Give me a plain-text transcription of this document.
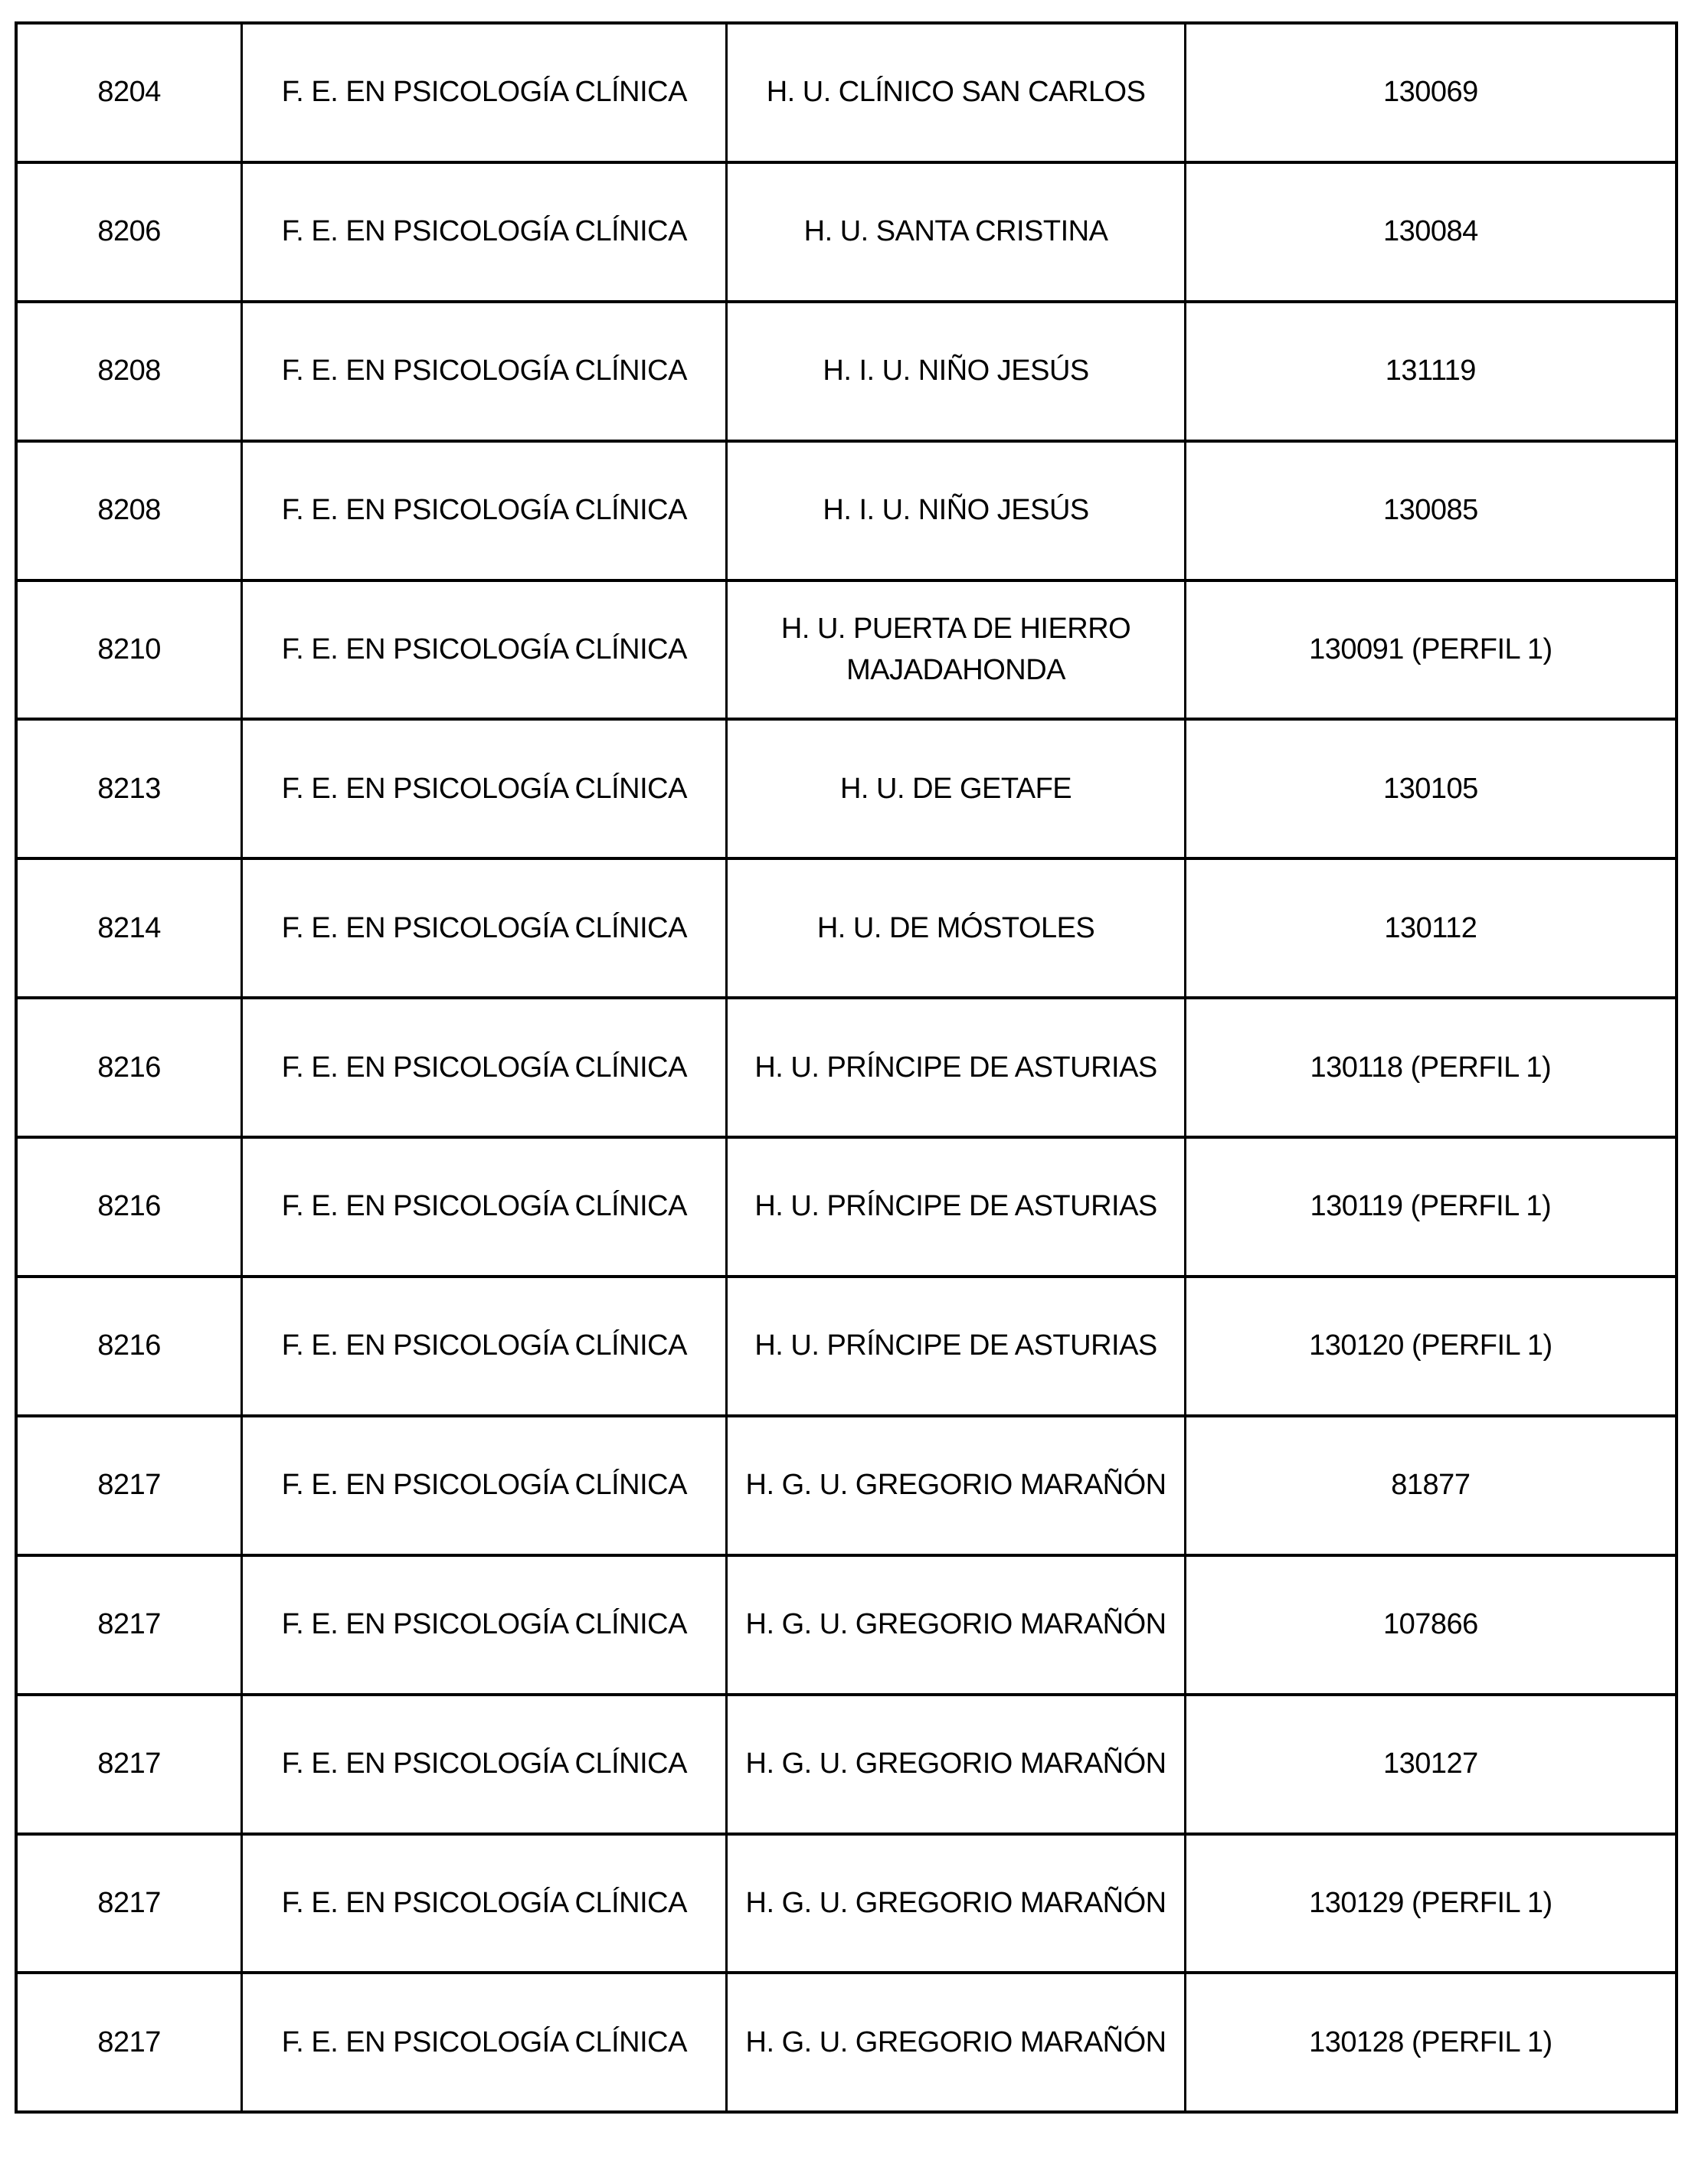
8204	F. E. EN PSICOLOGÍA CLÍNICA	H. U. CLÍNICO SAN CARLOS	130069
8206	F. E. EN PSICOLOGÍA CLÍNICA	H. U. SANTA CRISTINA	130084
8208	F. E. EN PSICOLOGÍA CLÍNICA	H. I. U. NIÑO JESÚS	131119
8208	F. E. EN PSICOLOGÍA CLÍNICA	H. I. U. NIÑO JESÚS	130085
8210	F. E. EN PSICOLOGÍA CLÍNICA	H. U. PUERTA DE HIERRO MAJADAHONDA	130091 (PERFIL 1)
8213	F. E. EN PSICOLOGÍA CLÍNICA	H. U. DE GETAFE	130105
8214	F. E. EN PSICOLOGÍA CLÍNICA	H. U. DE MÓSTOLES	130112
8216	F. E. EN PSICOLOGÍA CLÍNICA	H. U. PRÍNCIPE DE ASTURIAS	130118 (PERFIL 1)
8216	F. E. EN PSICOLOGÍA CLÍNICA	H. U. PRÍNCIPE DE ASTURIAS	130119 (PERFIL 1)
8216	F. E. EN PSICOLOGÍA CLÍNICA	H. U. PRÍNCIPE DE ASTURIAS	130120 (PERFIL 1)
8217	F. E. EN PSICOLOGÍA CLÍNICA	H. G. U. GREGORIO MARAÑÓN	81877
8217	F. E. EN PSICOLOGÍA CLÍNICA	H. G. U. GREGORIO MARAÑÓN	107866
8217	F. E. EN PSICOLOGÍA CLÍNICA	H. G. U. GREGORIO MARAÑÓN	130127
8217	F. E. EN PSICOLOGÍA CLÍNICA	H. G. U. GREGORIO MARAÑÓN	130129 (PERFIL 1)
8217	F. E. EN PSICOLOGÍA CLÍNICA	H. G. U. GREGORIO MARAÑÓN	130128 (PERFIL 1)
